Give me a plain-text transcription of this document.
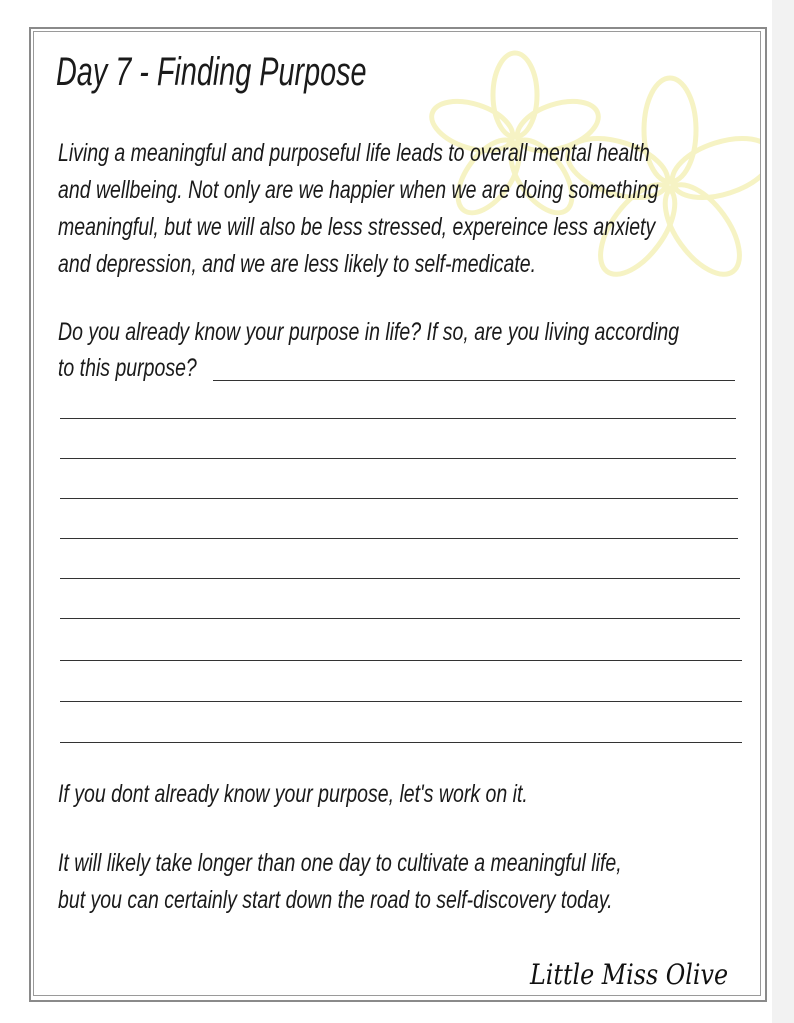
Day 7 - Finding Purpose
Living a meaningful and purposeful life leads to overall mental health
and wellbeing. Not only are we happier when we are doing something
meaningful, but we will also be less stressed, expereince less anxiety
and depression, and we are less likely to self-medicate.
Do you already know your purpose in life? If so, are you living according
to this purpose?
If you dont already know your purpose, let's work on it.
It will likely take longer than one day to cultivate a meaningful life,
but you can certainly start down the road to self-discovery today.
Little Miss Olive
